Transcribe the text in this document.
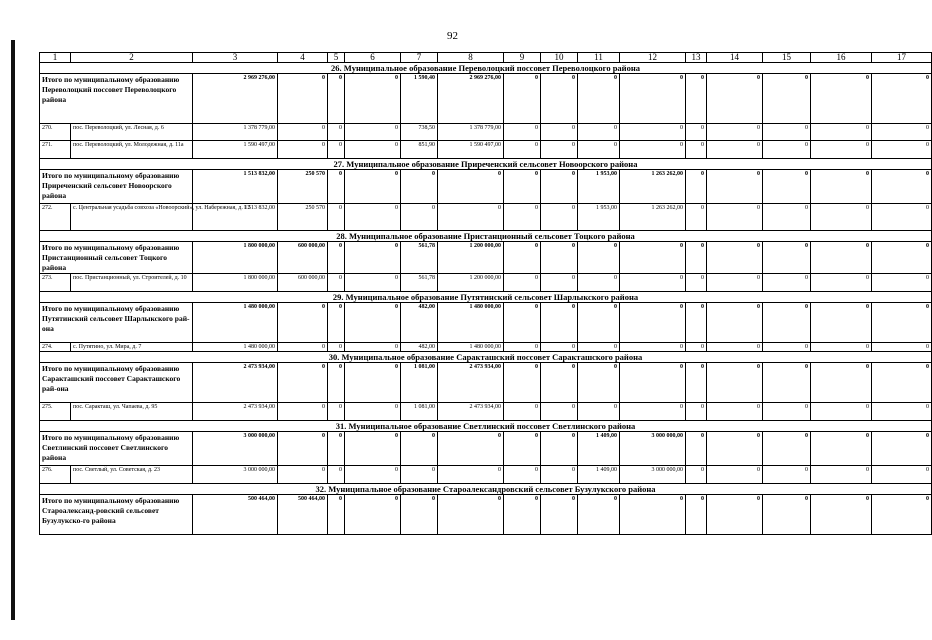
92
1	2	3	4	5	6	7	8	9	10	11	12	13	14	15	16	17
26. Муниципальное образование Переволоцкий поссовет Переволоцкого района																
Итого по муниципальному образованию Переволоцкий поссовет Переволоцкого района		2 969 276,00	0	0	0	1 590,40	2 969 276,00	0	0	0	0	0	0	0	0	0
270.	пос. Переволоцкий, ул. Лесная, д. 6	1 378 779,00	0	0	0	738,50	1 378 779,00	0	0	0	0	0	0	0	0	0
271.	пос. Переволоцкий, ул. Молодежная, д. 11а	1 590 497,00	0	0	0	851,90	1 590 497,00	0	0	0	0	0	0	0	0	0
27. Муниципальное образование Приреченский сельсовет Новоорского района																
Итого по муниципальному образованию Приреченский сельсовет Новоорского района		1 513 832,00	250 570	0	0	0	0	0	0	1 953,00	1 263 262,00	0	0	0	0	0
272.	с. Центральная усадьба совхоза «Новоорский», ул. Набережная, д. 12	1 513 832,00	250 570	0	0	0	0	0	0	1 953,00	1 263 262,00	0	0	0	0	0
28. Муниципальное образование Пристанционный сельсовет Тоцкого района																
Итого по муниципальному образованию Пристанционный сельсовет Тоцкого района		1 800 000,00	600 000,00	0	0	561,78	1 200 000,00	0	0	0	0	0	0	0	0	0
273.	пос. Пристанционный, ул. Строителей, д. 10	1 800 000,00	600 000,00	0	0	561,78	1 200 000,00	0	0	0	0	0	0	0	0	0
29. Муниципальное образование Путятинский сельсовет Шарлыкского района																
Итого по муниципальному образованию Путятинский сельсовет Шарлыкского рай-она		1 480 000,00	0	0	0	482,00	1 480 000,00	0	0	0	0	0	0	0	0	0
274.	с. Путятино, ул. Мира, д. 7	1 480 000,00	0	0	0	482,00	1 480 000,00	0	0	0	0	0	0	0	0	0
30. Муниципальное образование Саракташский поссовет Саракташского района																
Итого по муниципальному образованию Саракташский поссовет Саракташского рай-она		2 473 934,00	0	0	0	1 081,00	2 473 934,00	0	0	0	0	0	0	0	0	0
275.	пос. Саракташ, ул. Чапаева, д. 95	2 473 934,00	0	0	0	1 081,00	2 473 934,00	0	0	0	0	0	0	0	0	0
31. Муниципальное образование Светлинский поссовет Светлинского района																
Итого по муниципальному образованию Светлинский поссовет Светлинского района		3 000 000,00	0	0	0	0	0	0	0	1 409,00	3 000 000,00	0	0	0	0	0
276.	пос. Светлый, ул. Советская, д. 23	3 000 000,00	0	0	0	0	0	0	0	1 409,00	3 000 000,00	0	0	0	0	0
32. Муниципальное образование Староалександровский сельсовет Бузулукского района																
Итого по муниципальному образованию Староалександ-ровский сельсовет Бузулукско-го района		500 464,00	500 464,00	0	0	0	0	0	0	0	0	0	0	0	0	0
